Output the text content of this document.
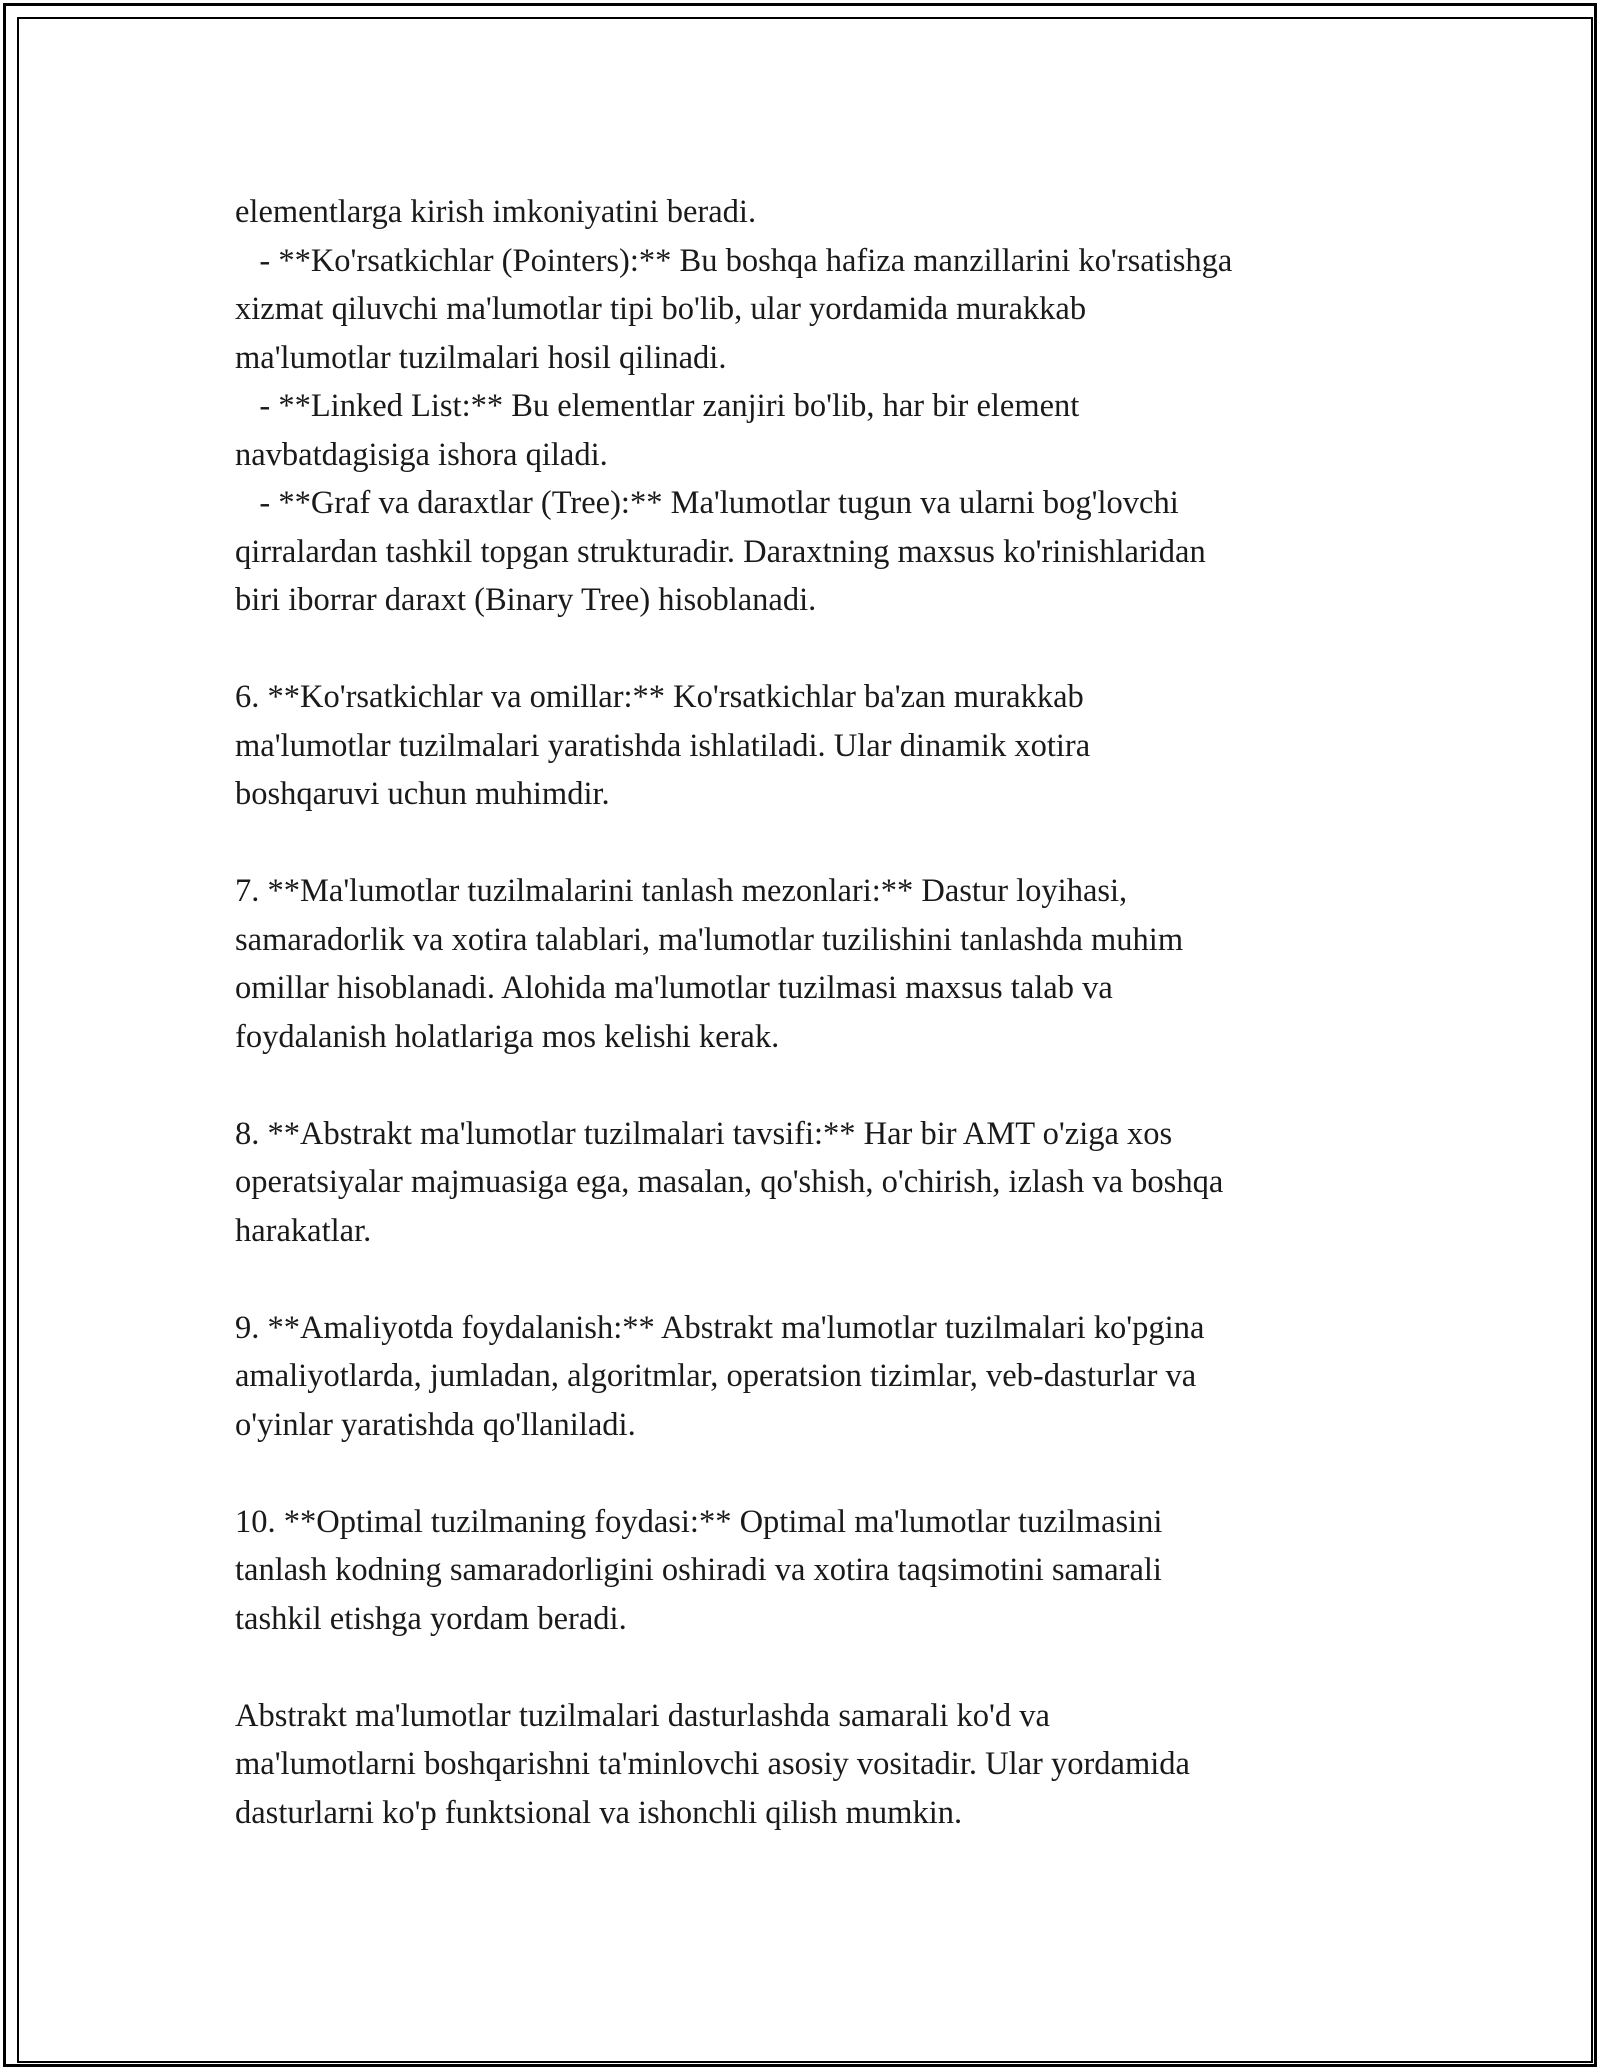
elementlarga kirish imkoniyatini beradi.
- **Ko'rsatkichlar (Pointers):** Bu boshqa hafiza manzillarini ko'rsatishga
xizmat qiluvchi ma'lumotlar tipi bo'lib, ular yordamida murakkab
ma'lumotlar tuzilmalari hosil qilinadi.
- **Linked List:** Bu elementlar zanjiri bo'lib, har bir element
navbatdagisiga ishora qiladi.
- **Graf va daraxtlar (Tree):** Ma'lumotlar tugun va ularni bog'lovchi
qirralardan tashkil topgan strukturadir. Daraxtning maxsus ko'rinishlaridan
biri iborrar daraxt (Binary Tree) hisoblanadi.
6. **Ko'rsatkichlar va omillar:** Ko'rsatkichlar ba'zan murakkab
ma'lumotlar tuzilmalari yaratishda ishlatiladi. Ular dinamik xotira
boshqaruvi uchun muhimdir.
7. **Ma'lumotlar tuzilmalarini tanlash mezonlari:** Dastur loyihasi,
samaradorlik va xotira talablari, ma'lumotlar tuzilishini tanlashda muhim
omillar hisoblanadi. Alohida ma'lumotlar tuzilmasi maxsus talab va
foydalanish holatlariga mos kelishi kerak.
8. **Abstrakt ma'lumotlar tuzilmalari tavsifi:** Har bir AMT o'ziga xos
operatsiyalar majmuasiga ega, masalan, qo'shish, o'chirish, izlash va boshqa
harakatlar.
9. **Amaliyotda foydalanish:** Abstrakt ma'lumotlar tuzilmalari ko'pgina
amaliyotlarda, jumladan, algoritmlar, operatsion tizimlar, veb-dasturlar va
o'yinlar yaratishda qo'llaniladi.
10. **Optimal tuzilmaning foydasi:** Optimal ma'lumotlar tuzilmasini
tanlash kodning samaradorligini oshiradi va xotira taqsimotini samarali
tashkil etishga yordam beradi.
Abstrakt ma'lumotlar tuzilmalari dasturlashda samarali ko'd va
ma'lumotlarni boshqarishni ta'minlovchi asosiy vositadir. Ular yordamida
dasturlarni ko'p funktsional va ishonchli qilish mumkin.
